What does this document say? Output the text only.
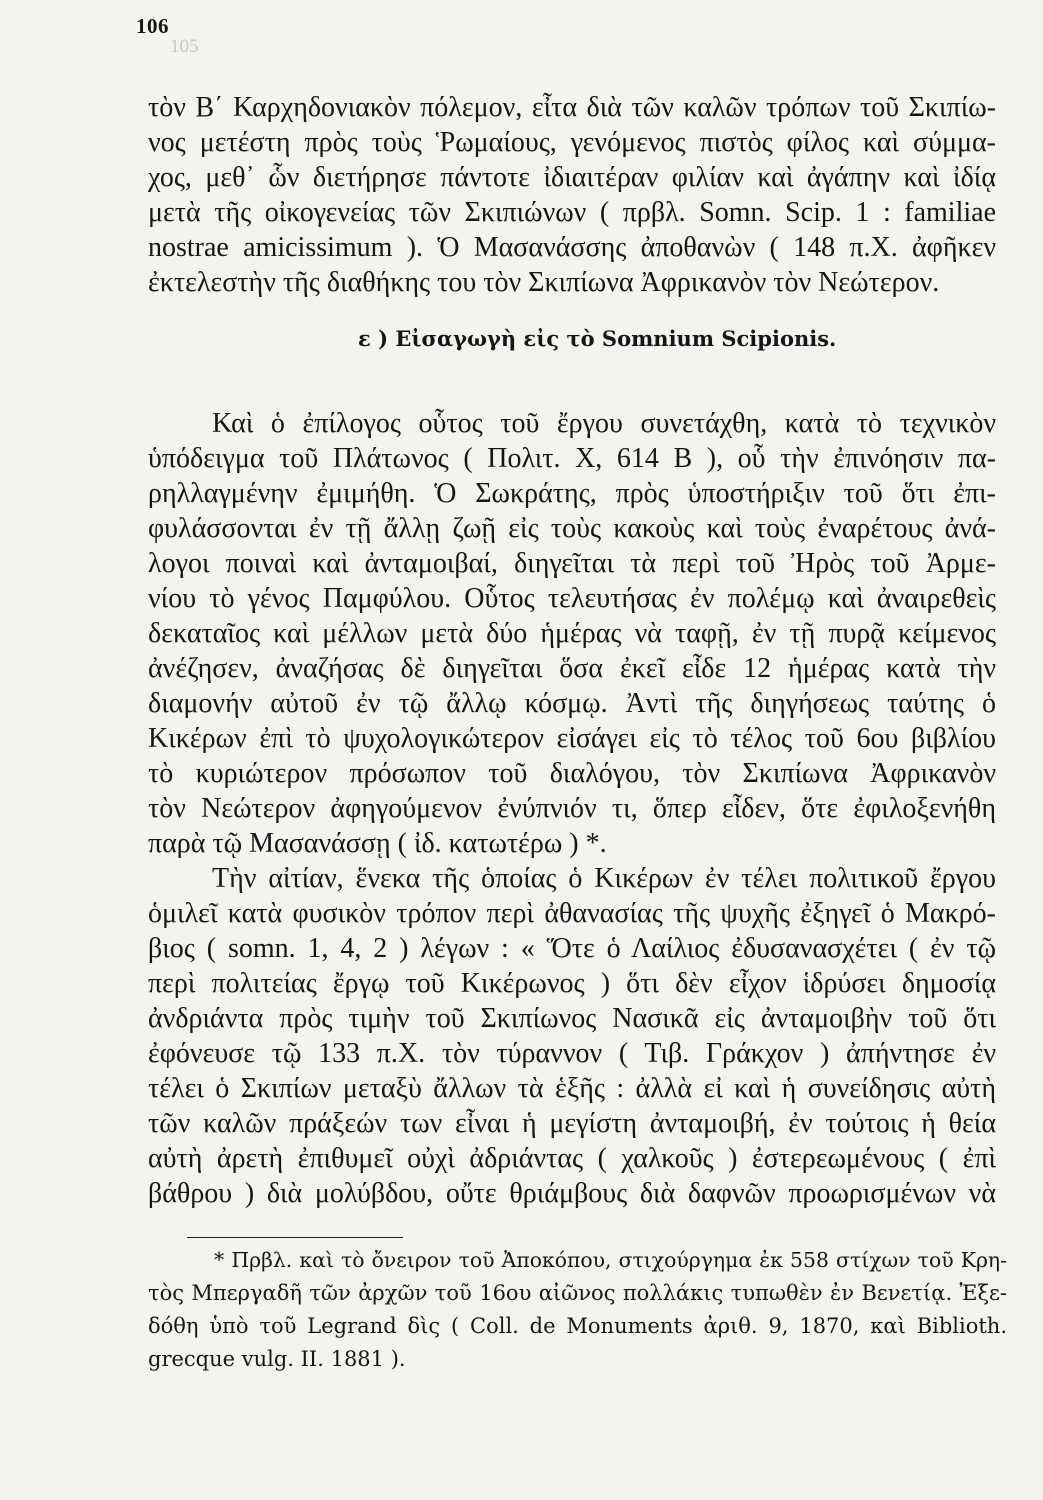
106
105
τὸν Β΄ Καρχηδονιακὸν πόλεμον, εἶτα διὰ τῶν καλῶν τρόπων τοῦ Σκιπίω-
νος μετέστη πρὸς τοὺς Ῥωμαίους, γενόμενος πιστὸς φίλος καὶ σύμμα-
χος, μεθ᾽ ὧν διετήρησε πάντοτε ἰδιαιτέραν φιλίαν καὶ ἀγάπην καὶ ἰδίᾳ
μετὰ τῆς οἰκογενείας τῶν Σκιπιώνων ( πρβλ. Somn. Scip. 1 : familiae
nostrae amicissimum ). Ὁ Μασανάσσης ἀποθανὼν ( 148 π.Χ. ἀφῆκεν
ἐκτελεστὴν τῆς διαθήκης του τὸν Σκιπίωνα Ἀφρικανὸν τὸν Νεώτερον.
ε ) Εἰσαγωγὴ εἰς τὸ Somnium Scipionis.
Καὶ ὁ ἐπίλογος οὗτος τοῦ ἔργου συνετάχθη, κατὰ τὸ τεχνικὸν
ὑπόδειγμα τοῦ Πλάτωνος ( Πολιτ. X, 614 B ), οὗ τὴν ἐπινόησιν πα-
ρηλλαγμένην ἐμιμήθη. Ὁ Σωκράτης, πρὸς ὑποστήριξιν τοῦ ὅτι ἐπι-
φυλάσσονται ἐν τῇ ἄλλῃ ζωῇ εἰς τοὺς κακοὺς καὶ τοὺς ἐναρέτους ἀνά-
λογοι ποιναὶ καὶ ἀνταμοιβαί, διηγεῖται τὰ περὶ τοῦ Ἠρὸς τοῦ Ἀρμε-
νίου τὸ γένος Παμφύλου. Οὗτος τελευτήσας ἐν πολέμῳ καὶ ἀναιρεθεὶς
δεκαταῖος καὶ μέλλων μετὰ δύο ἡμέρας νὰ ταφῇ, ἐν τῇ πυρᾷ κείμενος
ἀνέζησεν, ἀναζήσας δὲ διηγεῖται ὅσα ἐκεῖ εἶδε 12 ἡμέρας κατὰ τὴν
διαμονήν αὐτοῦ ἐν τῷ ἄλλῳ κόσμῳ. Ἀντὶ τῆς διηγήσεως ταύτης ὁ
Κικέρων ἐπὶ τὸ ψυχολογικώτερον εἰσάγει εἰς τὸ τέλος τοῦ 6ου βιβλίου
τὸ κυριώτερον πρόσωπον τοῦ διαλόγου, τὸν Σκιπίωνα Ἀφρικανὸν
τὸν Νεώτερον ἀφηγούμενον ἐνύπνιόν τι, ὅπερ εἶδεν, ὅτε ἐφιλοξενήθη
παρὰ τῷ Μασανάσσῃ ( ἰδ. κατωτέρω ) *.
Τὴν αἰτίαν, ἕνεκα τῆς ὁποίας ὁ Κικέρων ἐν τέλει πολιτικοῦ ἔργου
ὁμιλεῖ κατὰ φυσικὸν τρόπον περὶ ἀθανασίας τῆς ψυχῆς ἐξηγεῖ ὁ Μακρό-
βιος ( somn. 1, 4, 2 ) λέγων : « Ὅτε ὁ Λαίλιος ἐδυσανασχέτει ( ἐν τῷ
περὶ πολιτείας ἔργῳ τοῦ Κικέρωνος ) ὅτι δὲν εἶχον ἱδρύσει δημοσίᾳ
ἀνδριάντα πρὸς τιμὴν τοῦ Σκιπίωνος Νασικᾶ εἰς ἀνταμοιβὴν τοῦ ὅτι
ἐφόνευσε τῷ 133 π.Χ. τὸν τύραννον ( Τιβ. Γράκχον ) ἀπήντησε ἐν
τέλει ὁ Σκιπίων μεταξὺ ἄλλων τὰ ἑξῆς : ἀλλὰ εἰ καὶ ἡ συνείδησις αὐτὴ
τῶν καλῶν πράξεών των εἶναι ἡ μεγίστη ἀνταμοιβή, ἐν τούτοις ἡ θεία
αὐτὴ ἀρετὴ ἐπιθυμεῖ οὐχὶ ἀδριάντας ( χαλκοῦς ) ἐστερεωμένους ( ἐπὶ
βάθρου ) διὰ μολύβδου, οὔτε θριάμβους διὰ δαφνῶν προωρισμένων νὰ
* Πρβλ. καὶ τὸ ὄνειρον τοῦ Ἀποκόπου, στιχούργημα ἐκ 558 στίχων τοῦ Κρη-
τὸς Μπεργαδῆ τῶν ἀρχῶν τοῦ 16ου αἰῶνος πολλάκις τυπωθὲν ἐν Βενετίᾳ. Ἐξε-
δόθη ὑπὸ τοῦ Legrand δὶς ( Coll. de Monuments ἀριθ. 9, 1870, καὶ Biblioth.
grecque vulg. II. 1881 ).
